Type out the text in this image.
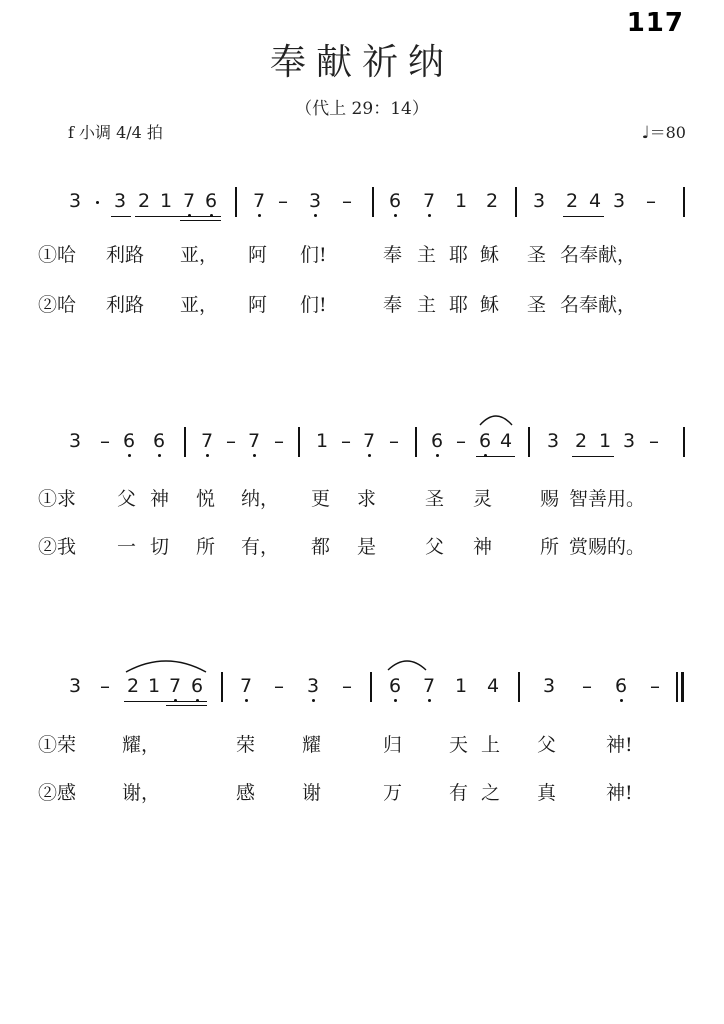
117
奉献祈纳
（代上 29：14）
f 小调 4/4 拍	♩＝80
3 3 2 1 7 6 7 – 3 – 6 7 1 2 3 2 4 3 –
①哈 利路 亚， 阿 们!	奉 主 耶 稣 圣 名奉献，
②哈 利路 亚， 阿 们!	奉 主 耶 稣 圣 名奉献，
3 – 6 6 7 – 7 – 1 – 7 – 6 – 6 4 3 2 1 3 –
①求 父 神 悦 纳， 更 求	圣 灵	赐 智善用。
②我 一 切 所 有， 都 是	父 神	所 赏赐的。
3 – 2 1 7 6 7 – 3 – 6 7 1 4 3 – 6 –
①荣 耀，	荣 耀	归 天 上 父	神!
②感 谢，	感 谢	万 有 之 真	神!
